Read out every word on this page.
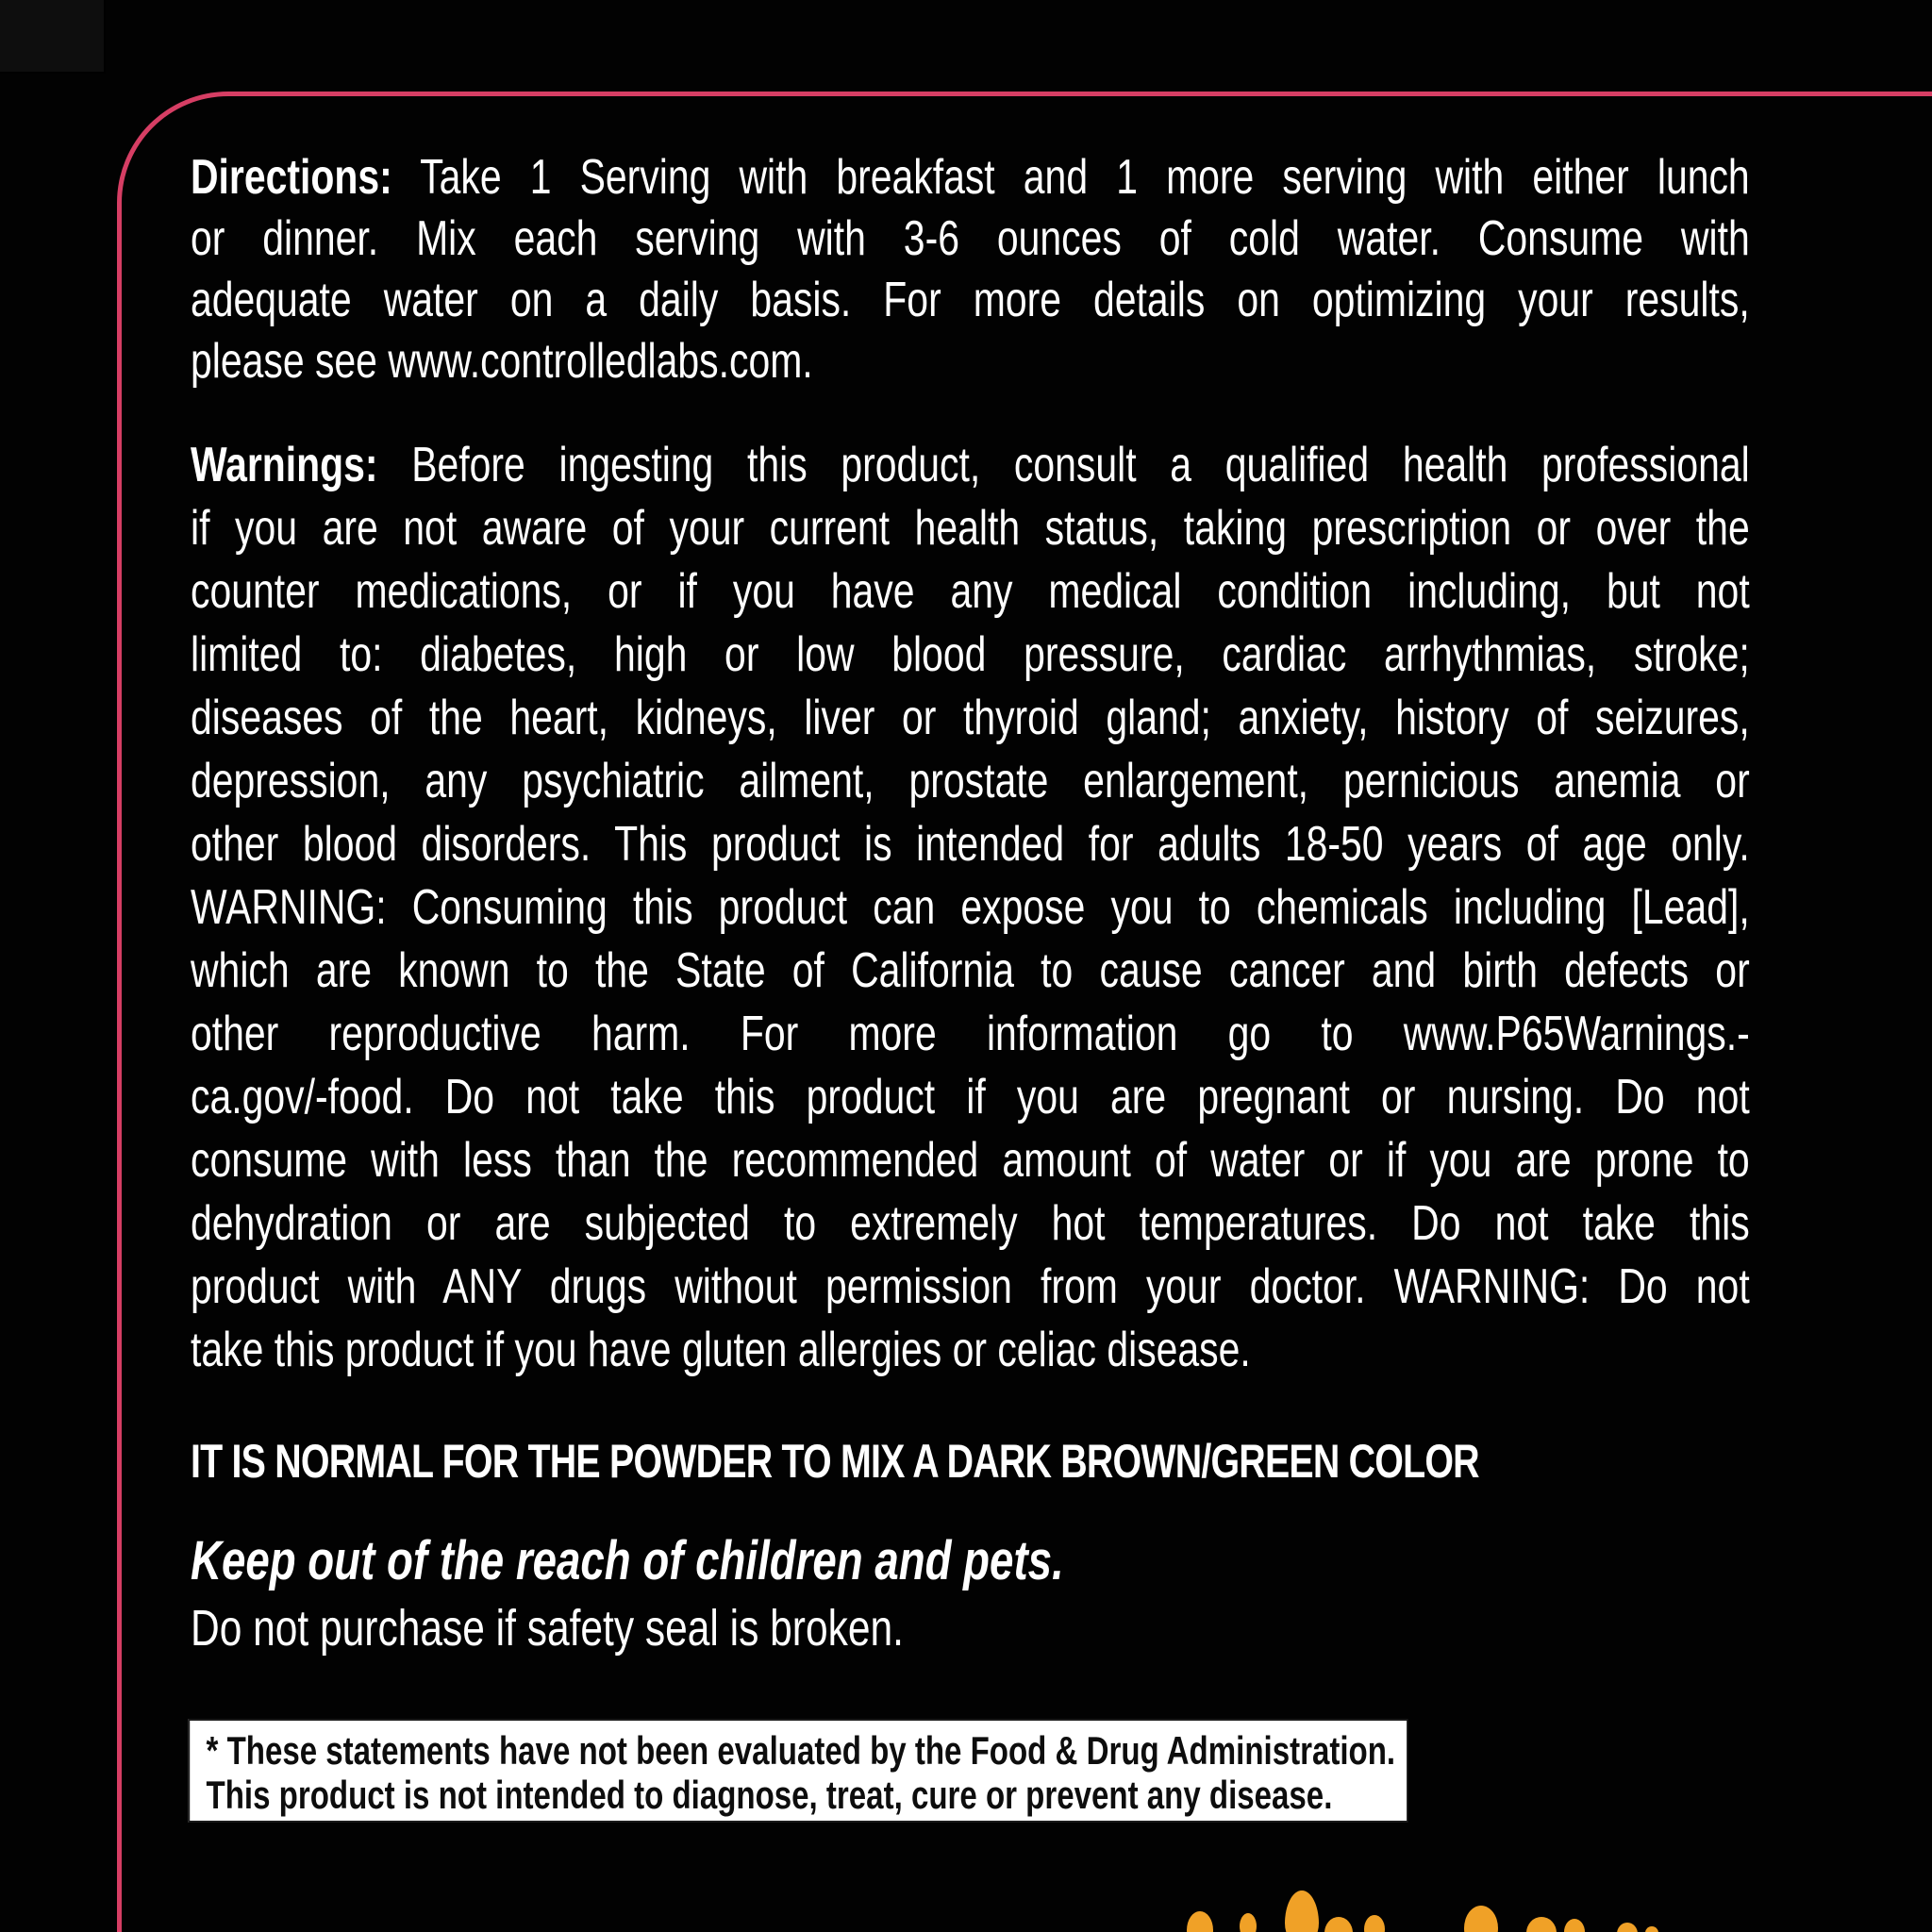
Directions: Take 1 Serving with breakfast and 1 more serving with either lunch
or dinner. Mix each serving with 3-6 ounces of cold water. Consume with
adequate water on a daily basis. For more details on optimizing your results,
please see www.controlledlabs.com.
Warnings: Before ingesting this product, consult a qualified health professional
if you are not aware of your current health status, taking prescription or over the
counter medications, or if you have any medical condition including, but not
limited to: diabetes, high or low blood pressure, cardiac arrhythmias, stroke;
diseases of the heart, kidneys, liver or thyroid gland; anxiety, history of seizures,
depression, any psychiatric ailment, prostate enlargement, pernicious anemia or
other blood disorders. This product is intended for adults 18-50 years of age only.
WARNING: Consuming this product can expose you to chemicals including [Lead],
which are known to the State of California to cause cancer and birth defects or
other reproductive harm. For more information go to www.P65Warnings.-
ca.gov/-food. Do not take this product if you are pregnant or nursing. Do not
consume with less than the recommended amount of water or if you are prone to
dehydration or are subjected to extremely hot temperatures. Do not take this
product with ANY drugs without permission from your doctor. WARNING: Do not
take this product if you have gluten allergies or celiac disease.
IT IS NORMAL FOR THE POWDER TO MIX A DARK BROWN/GREEN COLOR
Keep out of the reach of children and pets.
Do not purchase if safety seal is broken.
* These statements have not been evaluated by the Food & Drug Administration.
This product is not intended to diagnose, treat, cure or prevent any disease.
